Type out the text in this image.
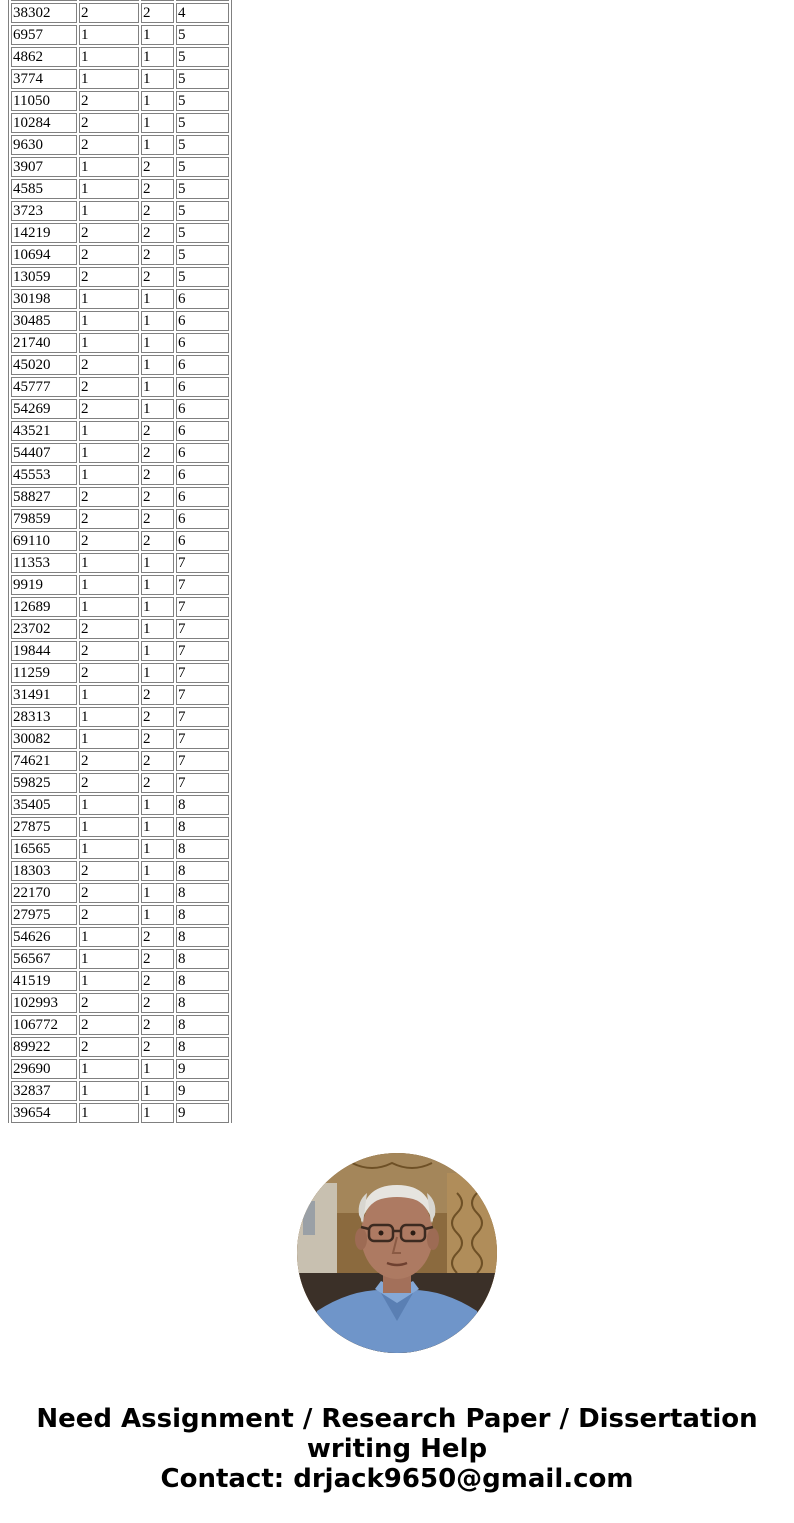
38302	2	2	4
6957	1	1	5
4862	1	1	5
3774	1	1	5
11050	2	1	5
10284	2	1	5
9630	2	1	5
3907	1	2	5
4585	1	2	5
3723	1	2	5
14219	2	2	5
10694	2	2	5
13059	2	2	5
30198	1	1	6
30485	1	1	6
21740	1	1	6
45020	2	1	6
45777	2	1	6
54269	2	1	6
43521	1	2	6
54407	1	2	6
45553	1	2	6
58827	2	2	6
79859	2	2	6
69110	2	2	6
11353	1	1	7
9919	1	1	7
12689	1	1	7
23702	2	1	7
19844	2	1	7
11259	2	1	7
31491	1	2	7
28313	1	2	7
30082	1	2	7
74621	2	2	7
59825	2	2	7
35405	1	1	8
27875	1	1	8
16565	1	1	8
18303	2	1	8
22170	2	1	8
27975	2	1	8
54626	1	2	8
56567	1	2	8
41519	1	2	8
102993	2	2	8
106772	2	2	8
89922	2	2	8
29690	1	1	9
32837	1	1	9
39654	1	1	9
Need Assignment / Research Paper / Dissertation
writing Help
Contact: drjack9650@gmail.com
